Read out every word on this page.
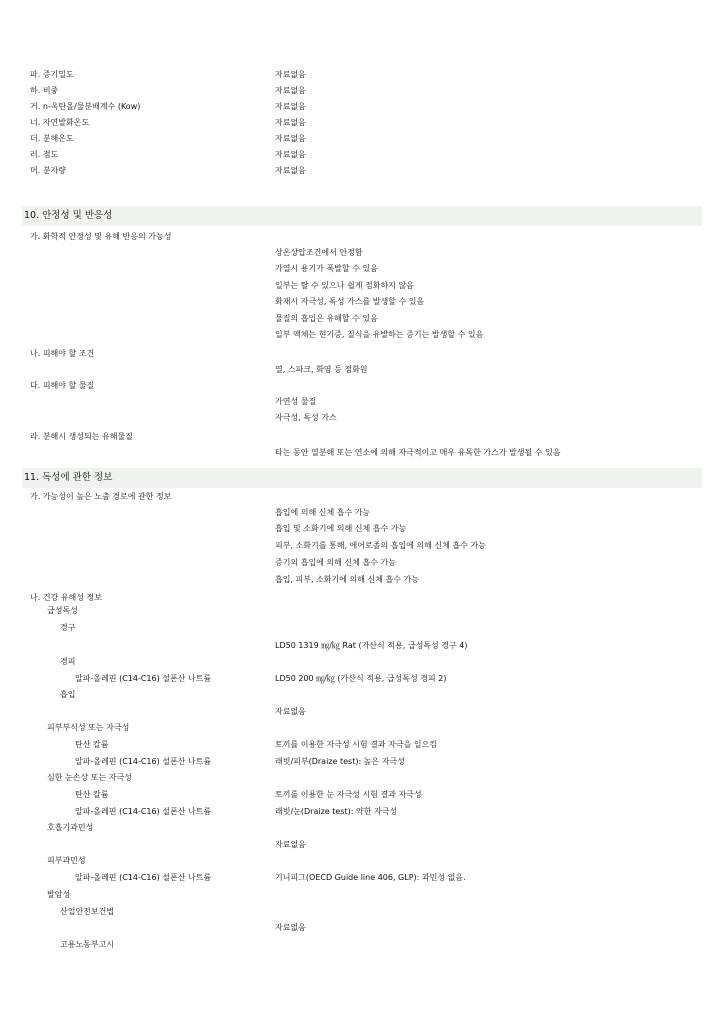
파. 증기밀도	자료없음
하. 비중	자료없음
거. n-옥탄올/물분배계수 (Kow)	자료없음
너. 자연발화온도	자료없음
더. 분해온도	자료없음
러. 점도	자료없음
머. 분자량	자료없음
10. 안정성 및 반응성
가. 화학적 안정성 및 유해 반응의 가능성
상온상압조건에서 안정함
가열시 용기가 폭발할 수 있음
일부는 탈 수 있으나 쉽게 점화하지 않음
화재시 자극성, 독성 가스를 발생할 수 있음
물질의 흡입은 유해할 수 있음
일부 액체는 현기증, 질식을 유발하는 증기는 발생할 수 있음
나. 피해야 할 조건
열, 스파크, 화염 등 점화원
다. 피해야 할 물질
가연성 물질
자극성, 독성 가스
라. 분해시 생성되는 유해물질
타는 동안 열분해 또는 연소에 의해 자극적이고 매우 유독한 가스가 발생될 수 있음
11. 독성에 관한 정보
가. 가능성이 높은 노출 경로에 관한 정보
흡입에 의해 신체 흡수 가능
흡입 및 소화기에 의해 신체 흡수 가능
피부, 소화기를 통해, 에어로졸의 흡입에 의해 신체 흡수 가능
증기의 흡입에 의해 신체 흡수 가능
흡입, 피부, 소화기에 의해 신체 흡수 가능
나. 건강 유해성 정보
급성독성
경구
LD50 1319 ㎎/㎏ Rat (가산식 적용, 급성독성 경구 4)
경피
알파-올레핀 (C14-C16) 설폰산 나트륨	LD50 200 ㎎/㎏ (가산식 적용, 급성독성 경피 2)
흡입
자료없음
피부부식성 또는 자극성
탄산 칼륨	토끼를 이용한 자극성 시험 결과 자극을 일으킴
알파-올레핀 (C14-C16) 설폰산 나트륨	래빗/피부(Draize test): 높은 자극성
심한 눈손상 또는 자극성
탄산 칼륨	토끼를 이용한 눈 자극성 시험 결과 자극성
알파-올레핀 (C14-C16) 설폰산 나트륨	래빗/눈(Draize test): 약한 자극성
호흡기과민성
자료없음
피부과민성
알파-올레핀 (C14-C16) 설폰산 나트륨	기니피그(OECD Guide line 406, GLP): 과민성 없음.
발암성
산업안전보건법
자료없음
고용노동부고시
